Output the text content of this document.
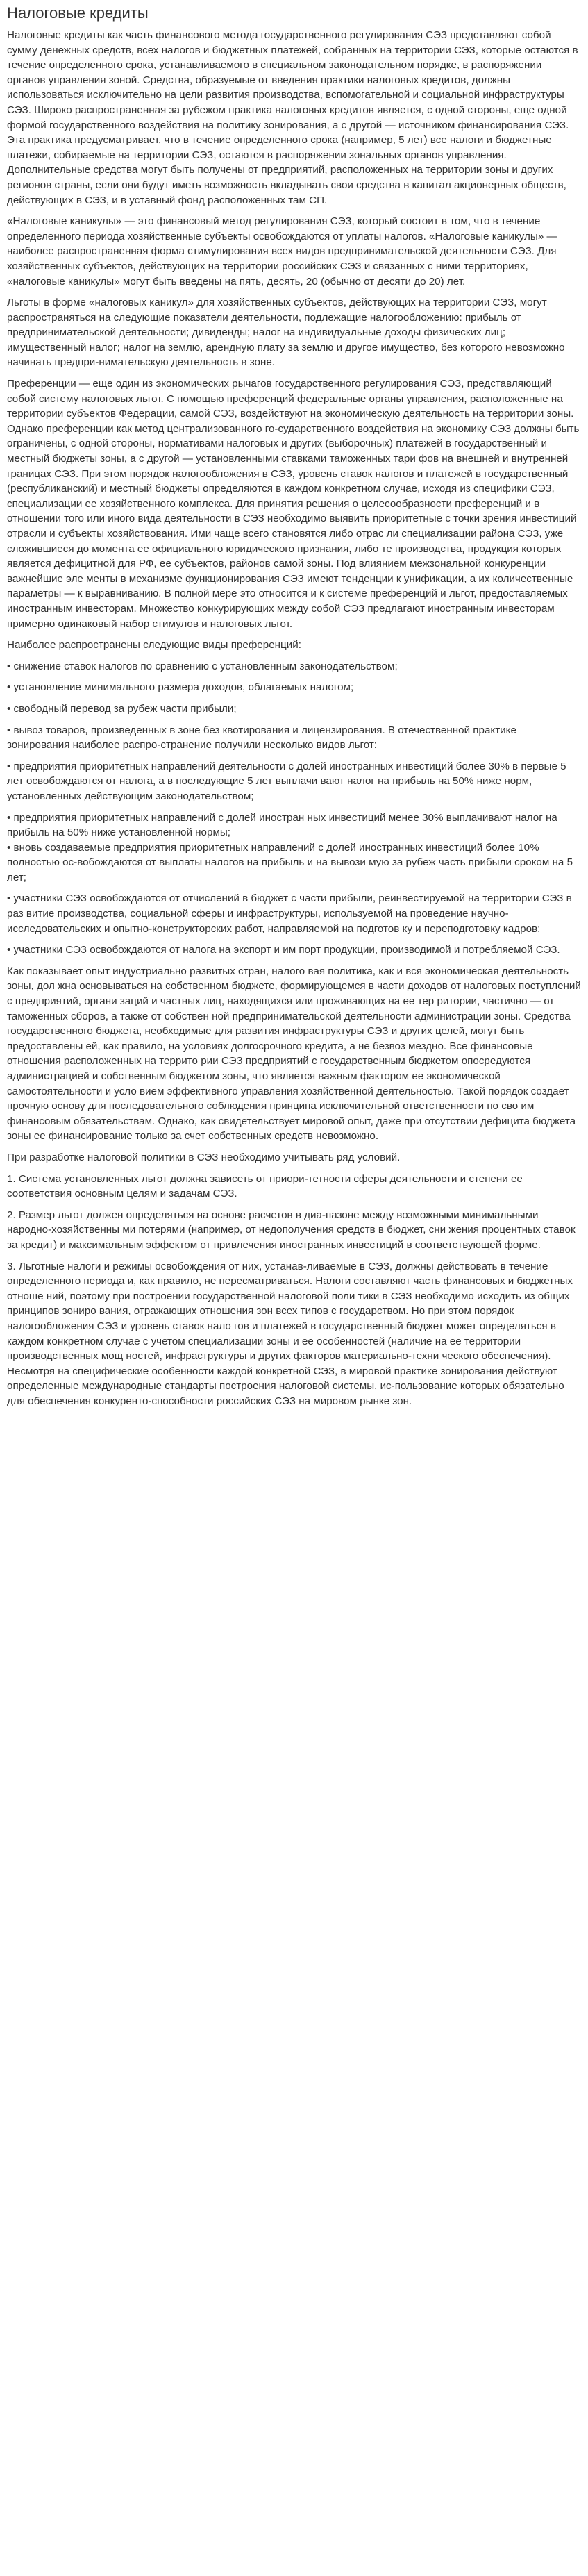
Налоговые кредиты

Налоговые кредиты как часть финансового метода государственного регулирования СЭЗ представляют собой сумму денежных средств, всех налогов и бюджетных платежей, собранных на территории СЭЗ, которые остаются в течение определенного срока, устанавливаемого в специальном законодательном порядке, в распоряжении органов управления зоной. Средства, образуемые от введения практики налоговых кредитов, должны использоваться исключительно на цели развития производства, вспомогательной и социальной инфраструктуры СЭЗ. Широко распространенная за рубежом практика налоговых кредитов является, с одной стороны, еще одной формой государственного воздействия на политику зонирования, а с другой — источником финансирования СЭЗ. Эта практика предусматривает, что в течение определенного срока (например, 5 лет) все налоги и бюджетные платежи, собираемые на территории СЭЗ, остаются в распоряжении зональных органов управления. Дополнительные средства могут быть получены от предприятий, расположенных на территории зоны и других регионов страны, если они будут иметь возможность вкладывать свои средства в капитал акционерных обществ, действующих в СЭЗ, и в уставный фонд расположенных там СП.

«Налоговые каникулы» — это финансовый метод регулирования СЭЗ, который состоит в том, что в течение определенного периода хозяйственные субъекты освобождаются от уплаты налогов. «Налоговые каникулы» — наиболее распространенная форма стимулирования всех видов предпринимательской деятельности СЭЗ. Для хозяйственных субъектов, действующих на территории российских СЭЗ и связанных с ними территориях, «налоговые каникулы» могут быть введены на пять, десять, 20 (обычно от десяти до 20) лет.

Льготы в форме «налоговых каникул» для хозяйственных субъектов, действующих на территории СЭЗ, могут распространяться на следующие показатели деятельности, подлежащие налогообложению: прибыль от предпринимательской деятельности; дивиденды; налог на индивидуальные доходы физических лиц; имущественный налог; налог на землю, арендную плату за землю и другое имущество, без которого невозможно начинать предпри-нимательскую деятельность в зоне.

Преференции — еще один из экономических рычагов государственного регулирования СЭЗ, представляющий собой систему налоговых льгот. С помощью преференций федеральные органы управления, расположенные на территории субъектов Федерации, самой СЭЗ, воздействуют на экономическую деятельность на территории зоны. Однако преференции как метод централизованного го-сударственного воздействия на экономику СЭЗ должны быть ограничены, с одной стороны, нормативами налоговых и других (выборочных) платежей в государственный и местный бюджеты зоны, а с другой — установленными ставками таможенных тари фов на внешней и внутренней границах СЭЗ. При этом порядок налогообложения в СЭЗ, уровень ставок налогов и платежей в государственный (республиканский) и местный бюджеты определяются в каждом конкретном случае, исходя из специфики СЭЗ, специализации ее хозяйственного комплекса. Для принятия решения о целесообразности преференций и в отношении того или иного вида деятельности в СЭЗ необходимо выявить приоритетные с точки зрения инвестиций отрасли и субъекты хозяйствования. Ими чаще всего становятся либо отрас ли специализации района СЭЗ, уже сложившиеся до момента ее официального юридического признания, либо те производства, продукция которых является дефицитной для РФ, ее субъектов, районов самой зоны. Под влиянием межзональной конкуренции важнейшие эле менты в механизме функционирования СЭЗ имеют тенденции к унификации, а их количественные параметры — к выравниванию. В полной мере это относится и к системе преференций и льгот, предоставляемых иностранным инвесторам. Множество конкурирующих между собой СЭЗ предлагают иностранным инвесторам примерно одинаковый набор стимулов и налоговых льгот.

Наиболее распространены следующие виды преференций:

• снижение ставок налогов по сравнению с установленным законодательством;

• установление минимального размера доходов, облагаемых налогом;

• свободный перевод за рубеж части прибыли;

• вывоз товаров, произведенных в зоне без квотирования и лицензирования. В отечественной практике зонирования наиболее распро-странение получили несколько видов льгот:

• предприятия приоритетных направлений деятельности с долей иностранных инвестиций более 30% в первые 5 лет освобождаются от налога, а в последующие 5 лет выплачи вают налог на прибыль на 50% ниже норм, установленных действующим законодательством;

• предприятия приоритетных направлений с долей иностран ных инвестиций менее 30% выплачивают налог на прибыль на 50% ниже установленной нормы;
• вновь создаваемые предприятия приоритетных направлений с долей иностранных инвестиций более 10% полностью ос-вобождаются от выплаты налогов на прибыль и на вывози мую за рубеж часть прибыли сроком на 5 лет;

• участники СЭЗ освобождаются от отчислений в бюджет с части прибыли, реинвестируемой на территории СЭЗ в раз витие производства, социальной сферы и инфраструктуры, используемой на проведение научно-исследовательских и опытно-конструкторских работ, направляемой на подготов ку и переподготовку кадров;

• участники СЭЗ освобождаются от налога на экспорт и им порт продукции, производимой и потребляемой СЭЗ.

Как показывает опыт индустриально развитых стран, налого вая политика, как и вся экономическая деятельность зоны, дол жна основываться на собственном бюджете, формирующемся в части доходов от налоговых поступлений с предприятий, органи заций и частных лиц, находящихся или проживающих на ее тер ритории, частично — от таможенных сборов, а также от собствен ной предпринимательской деятельности администрации зоны. Средства государственного бюджета, необходимые для развития инфраструктуры СЭЗ и других целей, могут быть предоставлены ей, как правило, на условиях долгосрочного кредита, а не безвоз мездно. Все финансовые отношения расположенных на террито рии СЭЗ предприятий с государственным бюджетом опосредуются администрацией и собственным бюджетом зоны, что является важным фактором ее экономической самостоятельности и усло вием эффективного управления хозяйственной деятельностью. Такой порядок создает прочную основу для последовательного соблюдения принципа исключительной ответственности по сво им финансовым обязательствам. Однако, как свидетельствует мировой опыт, даже при отсутствии дефицита бюджета зоны ее финансирование только за счет собственных средств невозможно.

При разработке налоговой политики в СЭЗ необходимо учитывать ряд условий.

1. Система установленных льгот должна зависеть от приори-тетности сферы деятельности и степени ее соответствия основным целям и задачам СЭЗ.

2. Размер льгот должен определяться на основе расчетов в диа-пазоне между возможными минимальными народно-хозяйственны ми потерями (например, от недополучения средств в бюджет, сни жения процентных ставок за кредит) и максимальным эффектом от привлечения иностранных инвестиций в соответствующей форме.

3. Льготные налоги и режимы освобождения от них, устанав-ливаемые в СЭЗ, должны действовать в течение определенного периода и, как правило, не пересматриваться. Налоги составляют часть финансовых и бюджетных отноше ний, поэтому при построении государственной налоговой поли тики в СЭЗ необходимо исходить из общих принципов зониро вания, отражающих отношения зон всех типов с государством. Но при этом порядок налогообложения СЭЗ и уровень ставок нало гов и платежей в государственный бюджет может определяться в каждом конкретном случае с учетом специализации зоны и ее особенностей (наличие на ее территории производственных мощ ностей, инфраструктуры и других факторов материально-техни ческого обеспечения). Несмотря на специфические особенности каждой конкретной СЭЗ, в мировой практике зонирования действуют определенные международные стандарты построения налоговой системы, ис-пользование которых обязательно для обеспечения конкуренто-способности российских СЭЗ на мировом рынке зон.
